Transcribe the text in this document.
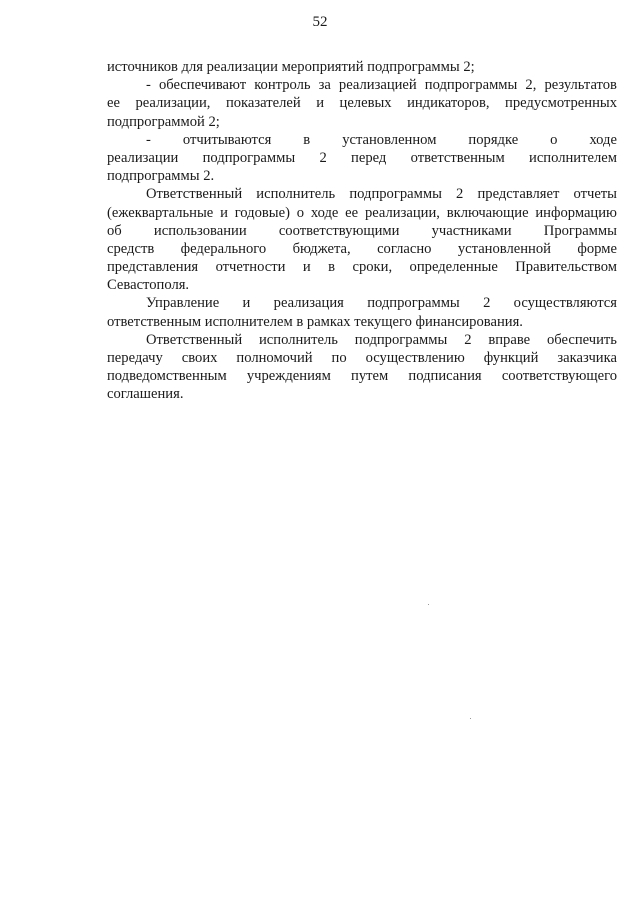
52
источников для реализации мероприятий подпрограммы 2;
- обеспечивают контроль за реализацией подпрограммы 2, результатов
ее реализации, показателей и целевых индикаторов, предусмотренных
подпрограммой 2;
- отчитываются в установленном порядке о ходе
реализации подпрограммы 2 перед ответственным исполнителем
подпрограммы 2.
Ответственный исполнитель подпрограммы 2 представляет отчеты
(ежеквартальные и годовые) о ходе ее реализации, включающие информацию
об использовании соответствующими участниками Программы
средств федерального бюджета, согласно установленной форме
представления отчетности и в сроки, определенные Правительством
Севастополя.
Управление и реализация подпрограммы 2 осуществляются
ответственным исполнителем в рамках текущего финансирования.
Ответственный исполнитель подпрограммы 2 вправе обеспечить
передачу своих полномочий по осуществлению функций заказчика
подведомственным учреждениям путем подписания соответствующего
соглашения.
